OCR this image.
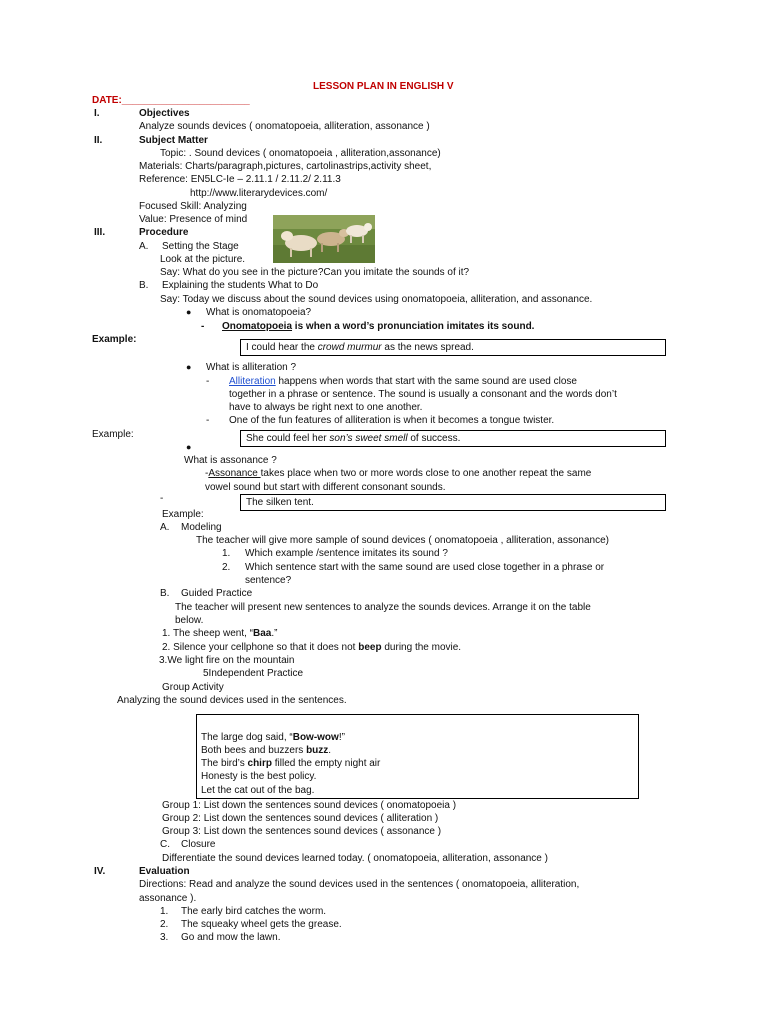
LESSON PLAN IN ENGLISH V
DATE:_______________________
I.	Objectives
Analyze sounds devices ( onomatopoeia, alliteration, assonance )
II.	Subject Matter
Topic: . Sound devices ( onomatopoeia , alliteration,assonance)
Materials: Charts/paragraph,pictures, cartolinastrips,activity sheet,
Reference: EN5LC-Ie – 2.11.1 / 2.11.2/ 2.11.3
http://www.literarydevices.com/
Focused Skill: Analyzing
Value: Presence of mind
III.	Procedure
A. Setting the Stage
Look at the picture.
Say: What do you see in the picture?Can you imitate the sounds of it?
B. Explaining the students What to Do
Say: Today we discuss about the sound devices using onomatopoeia, alliteration, and assonance.
● What is onomatopoeia?
- Onomatopoeia is when a word’s pronunciation imitates its sound.
Example:
I could hear the crowd murmur as the news spread.
● What is alliteration ?
- Alliteration happens when words that start with the same sound are used close
together in a phrase or sentence. The sound is usually a consonant and the words don’t
have to always be right next to one another.
- One of the fun features of alliteration is when it becomes a tongue twister.
Example:	She could feel her son’s sweet smell of success.
●
What is assonance ?
-Assonance takes place when two or more words close to one another repeat the same
vowel sound but start with different consonant sounds.
-	The silken tent.
Example:
A. Modeling
The teacher will give more sample of sound devices ( onomatopoeia , alliteration, assonance)
1. Which example /sentence imitates its sound ?
2. Which sentence start with the same sound are used close together in a phrase or
sentence?
B. Guided Practice
The teacher will present new sentences to analyze the sounds devices. Arrange it on the table
below.
1. The sheep went, “Baa.”
2. Silence your cellphone so that it does not beep during the movie.
3.We light fire on the mountain
5Independent Practice
Group Activity
Analyzing the sound devices used in the sentences.
The large dog said, “Bow-wow!”
Both bees and buzzers buzz.
The bird’s chirp filled the empty night air
Honesty is the best policy.
Let the cat out of the bag.
Group 1: List down the sentences sound devices ( onomatopoeia )
Group 2: List down the sentences sound devices ( alliteration )
Group 3: List down the sentences sound devices ( assonance )
C. Closure
Differentiate the sound devices learned today. ( onomatopoeia, alliteration, assonance )
IV.	Evaluation
Directions: Read and analyze the sound devices used in the sentences ( onomatopoeia, alliteration,
assonance ).
1. The early bird catches the worm.
2. The squeaky wheel gets the grease.
3. Go and mow the lawn.
